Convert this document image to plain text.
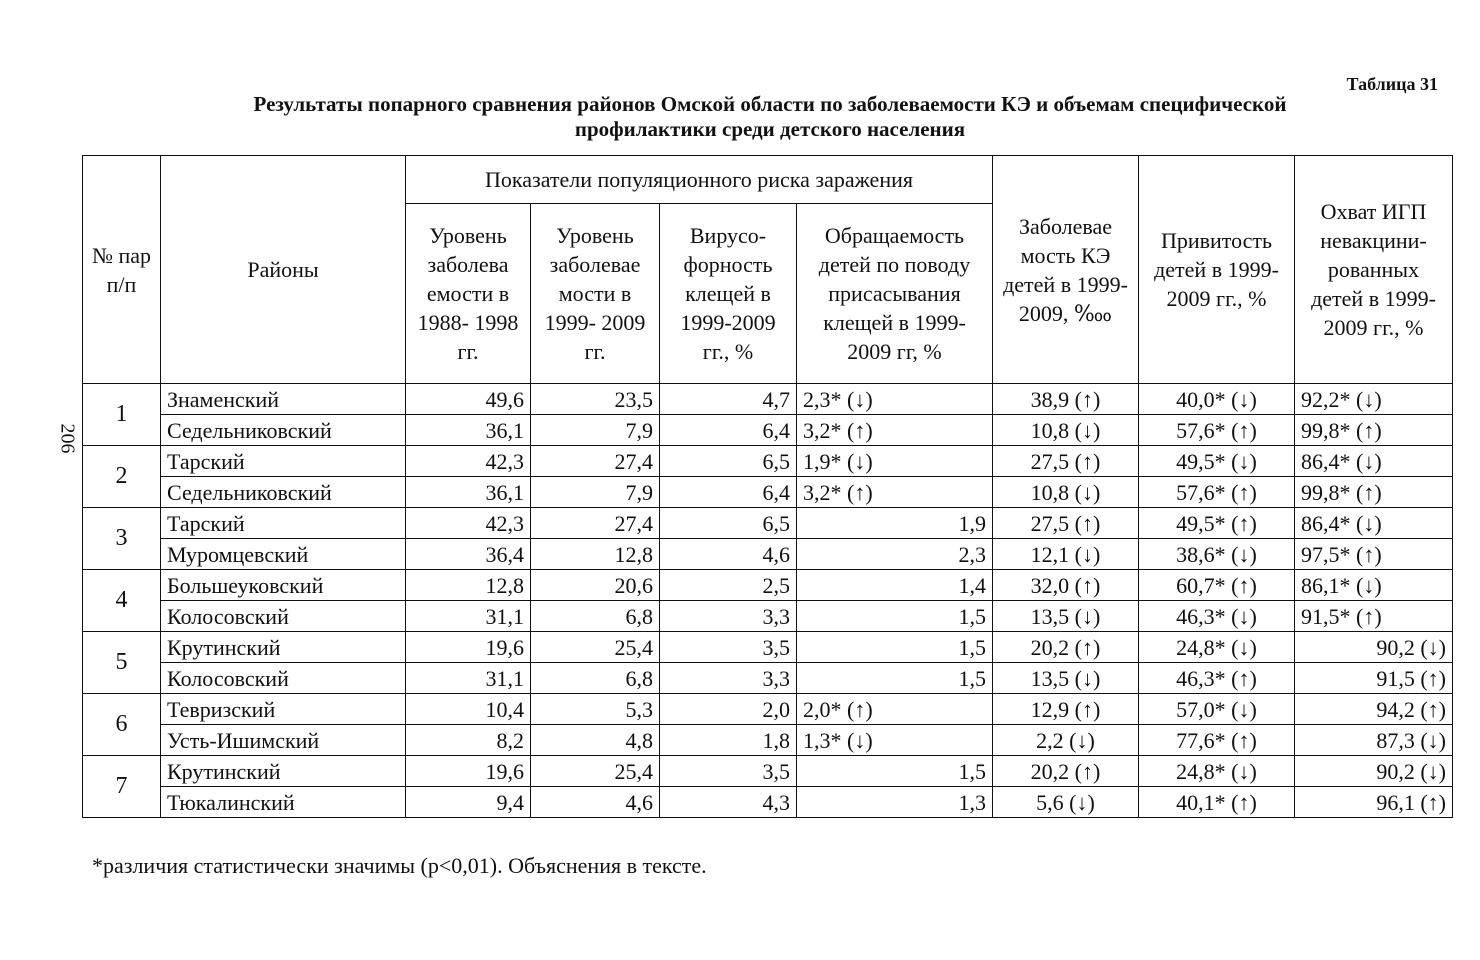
Таблица 31
Результаты попарного сравнения районов Омской области по заболеваемости КЭ и объемам специфической
профилактики среди детского населения
206
№ пар п/п	Районы	Показатели популяционного риска заражения				Заболевае мость КЭ детей в 1999-2009, ‱	Привитость детей в 1999-2009 гг., %	Охват ИГП невакцини- рованных детей в 1999-2009 гг., %
		Уровень заболева емости в 1988- 1998 гг.	Уровень заболевае мости в 1999- 2009 гг.	Вирусо- форность клещей в 1999-2009 гг., %	Обращаемость детей по поводу присасывания клещей в 1999- 2009 гг, %			
1	Знаменский	49,6	23,5	4,7	2,3* (↓)	38,9 (↑)	40,0* (↓)	92,2* (↓)
	Седельниковский	36,1	7,9	6,4	3,2* (↑)	10,8 (↓)	57,6* (↑)	99,8* (↑)
2	Тарский	42,3	27,4	6,5	1,9* (↓)	27,5 (↑)	49,5* (↓)	86,4* (↓)
	Седельниковский	36,1	7,9	6,4	3,2* (↑)	10,8 (↓)	57,6* (↑)	99,8* (↑)
3	Тарский	42,3	27,4	6,5	1,9	27,5 (↑)	49,5* (↑)	86,4* (↓)
	Муромцевский	36,4	12,8	4,6	2,3	12,1 (↓)	38,6* (↓)	97,5* (↑)
4	Большеуковский	12,8	20,6	2,5	1,4	32,0 (↑)	60,7* (↑)	86,1* (↓)
	Колосовский	31,1	6,8	3,3	1,5	13,5 (↓)	46,3* (↓)	91,5* (↑)
5	Крутинский	19,6	25,4	3,5	1,5	20,2 (↑)	24,8* (↓)	90,2 (↓)
	Колосовский	31,1	6,8	3,3	1,5	13,5 (↓)	46,3* (↑)	91,5 (↑)
6	Тевризский	10,4	5,3	2,0	2,0* (↑)	12,9 (↑)	57,0* (↓)	94,2 (↑)
	Усть-Ишимский	8,2	4,8	1,8	1,3* (↓)	2,2 (↓)	77,6* (↑)	87,3 (↓)
7	Крутинский	19,6	25,4	3,5	1,5	20,2 (↑)	24,8* (↓)	90,2 (↓)
	Тюкалинский	9,4	4,6	4,3	1,3	5,6 (↓)	40,1* (↑)	96,1 (↑)
*различия статистически значимы (р<0,01). Объяснения в тексте.
